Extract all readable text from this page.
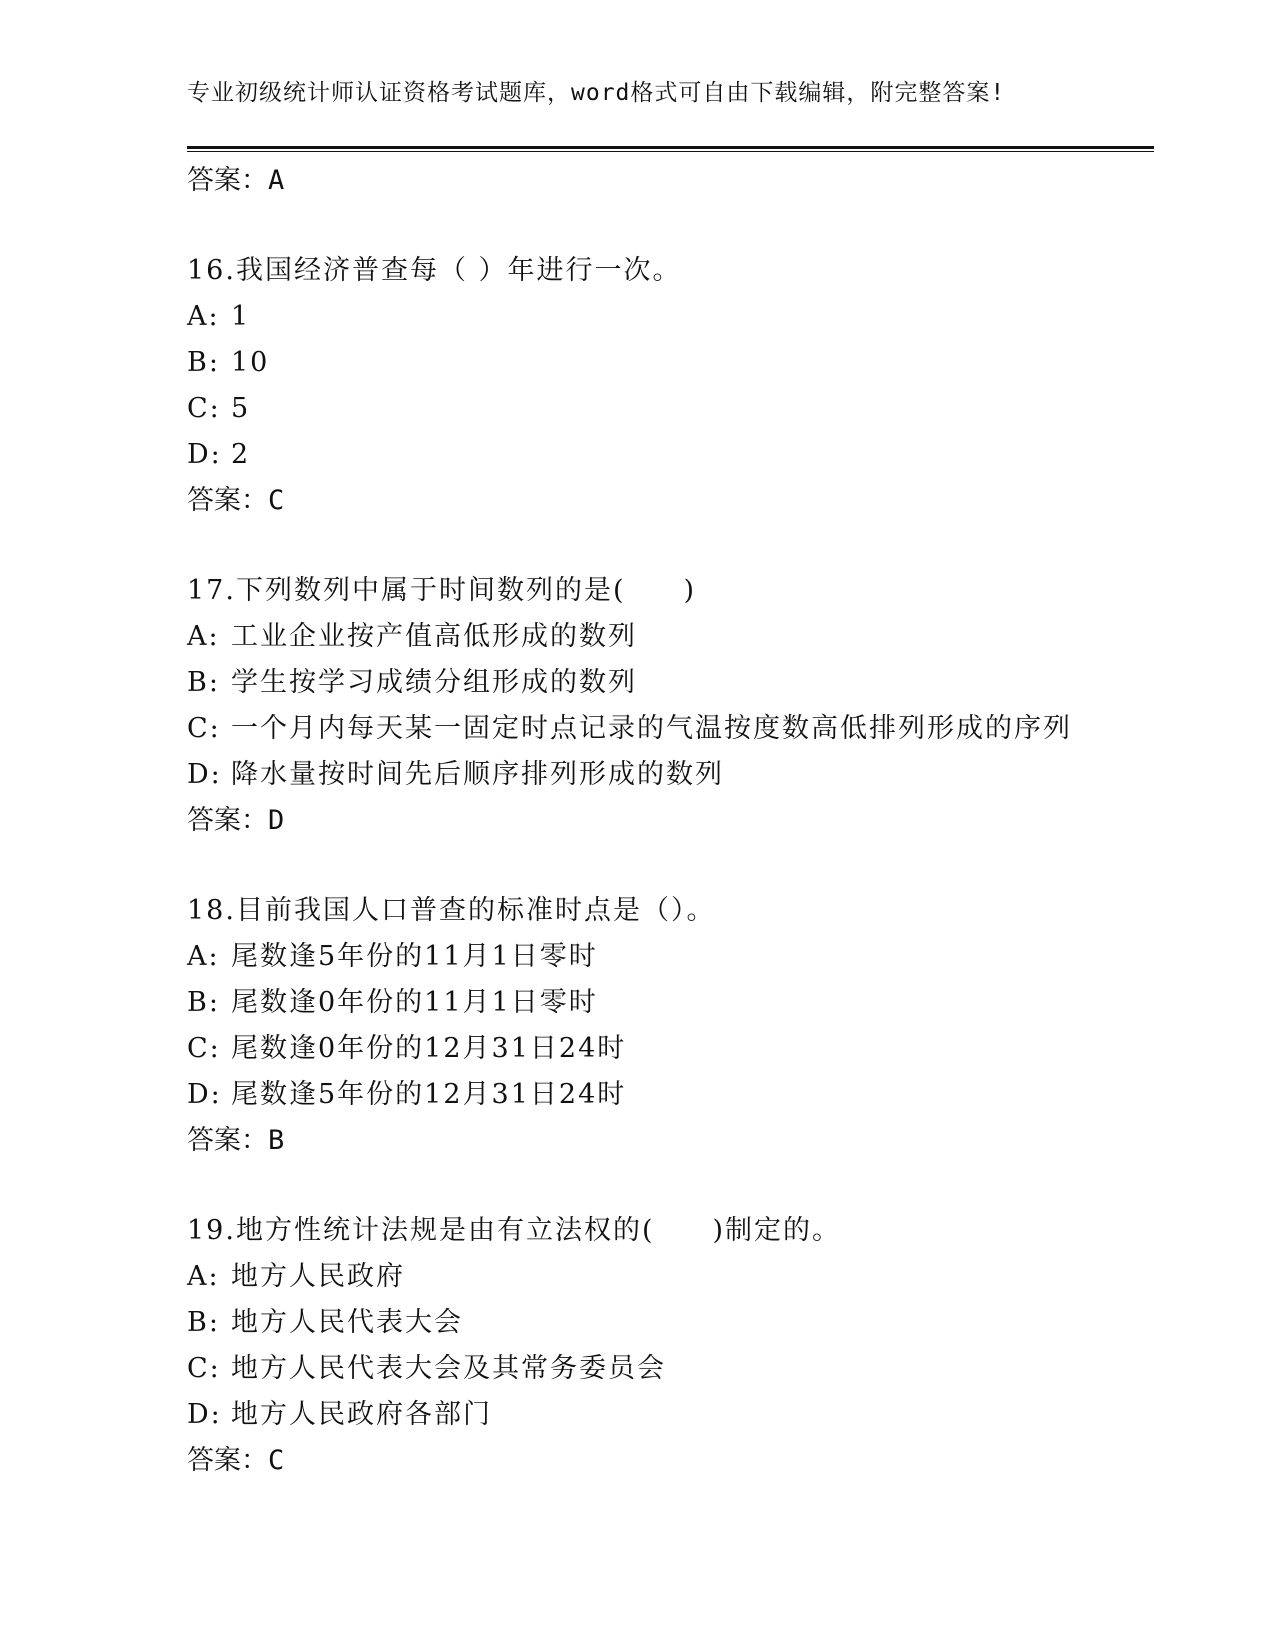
专业初级统计师认证资格考试题库，word格式可自由下载编辑，附完整答案!
答案：A
16.我国经济普查每（ ）年进行一次。
A: 1
B: 10
C: 5
D: 2
答案：C
17.下列数列中属于时间数列的是(　　)
A: 工业企业按产值高低形成的数列
B: 学生按学习成绩分组形成的数列
C: 一个月内每天某一固定时点记录的气温按度数高低排列形成的序列
D: 降水量按时间先后顺序排列形成的数列
答案：D
18.目前我国人口普查的标准时点是（）。
A: 尾数逢5年份的11月1日零时
B: 尾数逢0年份的11月1日零时
C: 尾数逢0年份的12月31日24时
D: 尾数逢5年份的12月31日24时
答案：B
19.地方性统计法规是由有立法权的(　　)制定的。
A: 地方人民政府
B: 地方人民代表大会
C: 地方人民代表大会及其常务委员会
D: 地方人民政府各部门
答案：C
